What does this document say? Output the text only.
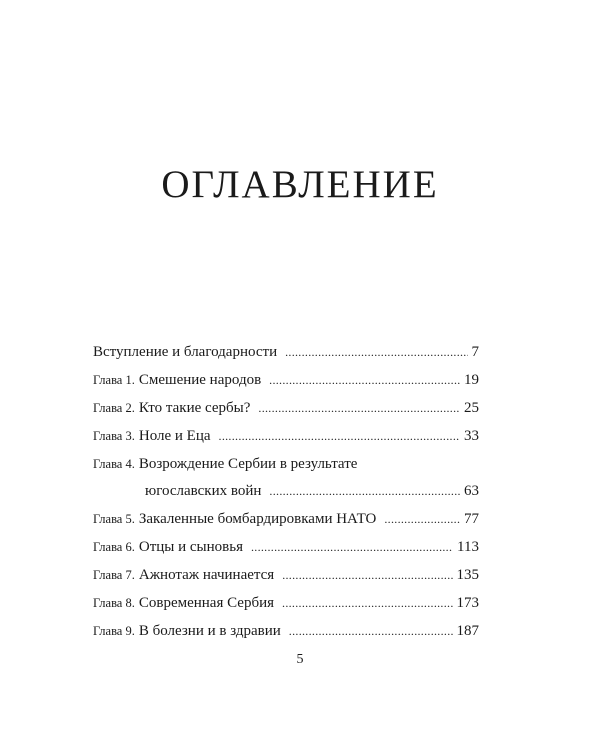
ОГЛАВЛЕНИЕ
Вступление и благодарности .....	7
Глава 1. Смешение народов .....	19
Глава 2. Кто такие сербы? .....	25
Глава 3. Ноле и Еца .....	33
Глава 4. Возрождение Сербии в результате
югославских войн .....	63
Глава 5. Закаленные бомбардировками НАТО .....	77
Глава 6. Отцы и сыновья .....	113
Глава 7. Ажнотаж начинается .....	135
Глава 8. Современная Сербия .....	173
Глава 9. В болезни и в здравии .....	187
5
